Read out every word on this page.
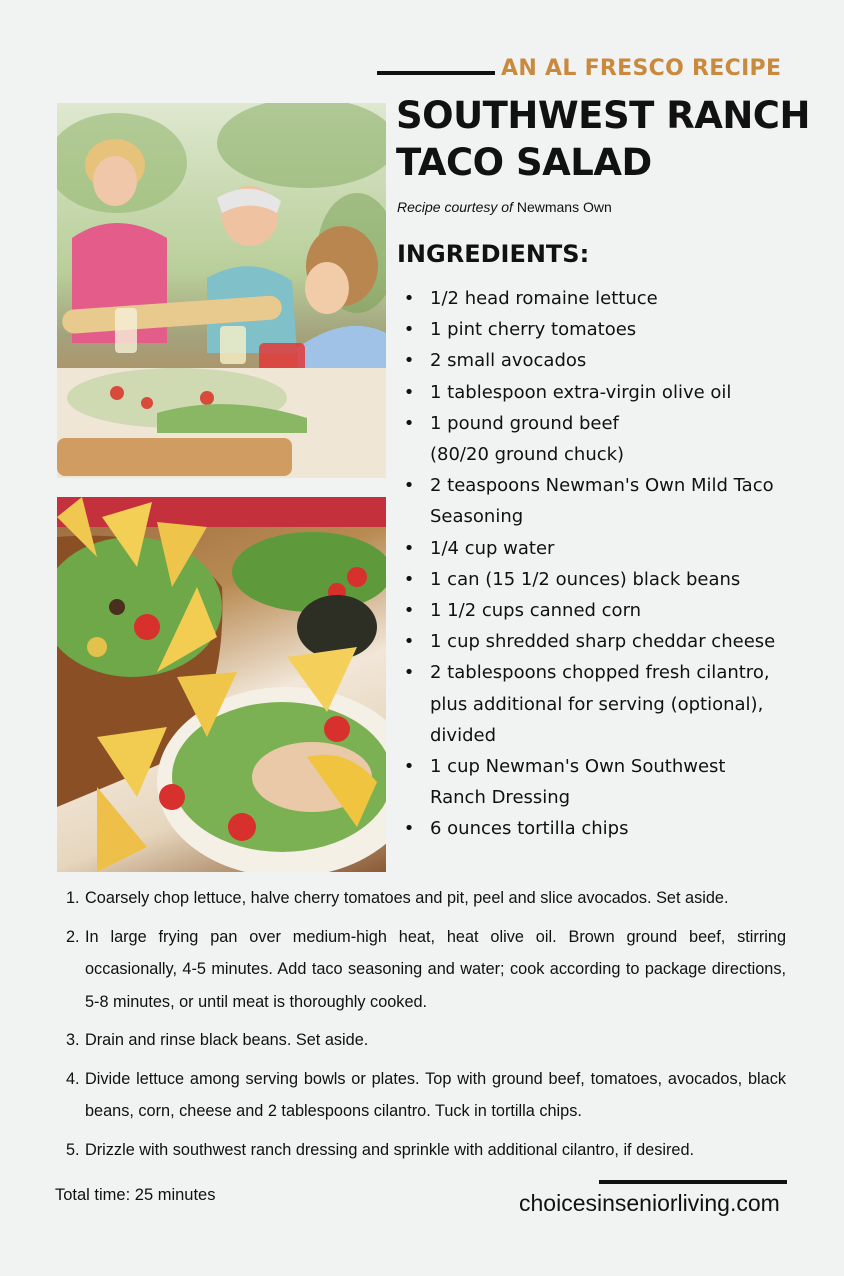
AN AL FRESCO RECIPE
SOUTHWEST RANCH
TACO SALAD
Recipe courtesy of Newmans Own
INGREDIENTS:
• 1/2 head romaine lettuce
• 1 pint cherry tomatoes
• 2 small avocados
• 1 tablespoon extra-virgin olive oil
• 1 pound ground beef
(80/20 ground chuck)
• 2 teaspoons Newman's Own Mild Taco
Seasoning
• 1/4 cup water
• 1 can (15 1/2 ounces) black beans
• 1 1/2 cups canned corn
• 1 cup shredded sharp cheddar cheese
• 2 tablespoons chopped fresh cilantro,
plus additional for serving (optional),
divided
• 1 cup Newman's Own Southwest
Ranch Dressing
• 6 ounces tortilla chips
1. Coarsely chop lettuce, halve cherry tomatoes and pit, peel and slice avocados. Set aside.
2. In large frying pan over medium-high heat, heat olive oil. Brown ground beef, stirring occasionally, 4-5 minutes. Add taco seasoning and water; cook according to package directions, 5-8 minutes, or until meat is thoroughly cooked.
3. Drain and rinse black beans. Set aside.
4. Divide lettuce among serving bowls or plates. Top with ground beef, tomatoes, avocados, black beans, corn, cheese and 2 tablespoons cilantro. Tuck in tortilla chips.
5. Drizzle with southwest ranch dressing and sprinkle with additional cilantro, if desired.
Total time: 25 minutes	choicesinseniorliving.com
